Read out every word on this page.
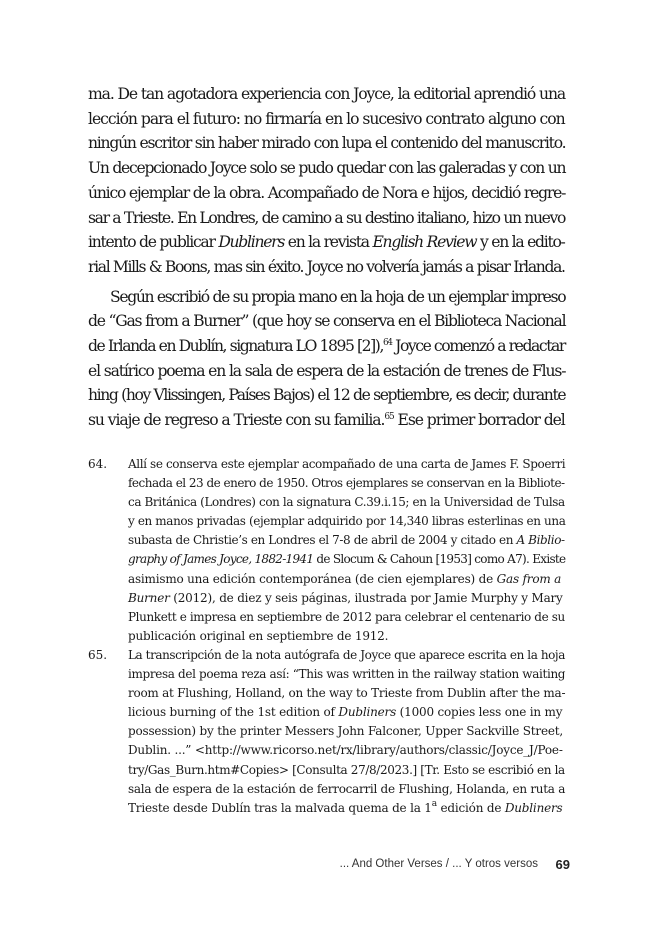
ma. De tan agotadora experiencia con Joyce, la editorial aprendió una
lección para el futuro: no firmaría en lo sucesivo contrato alguno con
ningún escritor sin haber mirado con lupa el contenido del manuscrito.
Un decepcionado Joyce solo se pudo quedar con las galeradas y con un
único ejemplar de la obra. Acompañado de Nora e hijos, decidió regre-
sar a Trieste. En Londres, de camino a su destino italiano, hizo un nuevo
intento de publicar Dubliners en la revista English Review y en la edito-
rial Mills & Boons, mas sin éxito. Joyce no volvería jamás a pisar Irlanda.
Según escribió de su propia mano en la hoja de un ejemplar impreso
de “Gas from a Burner” (que hoy se conserva en el Biblioteca Nacional
de Irlanda en Dublín, signatura LO 1895 [2]),$^{64}$ Joyce comenzó a redactar
el satírico poema en la sala de espera de la estación de trenes de Flus-
hing (hoy Vlissingen, Países Bajos) el 12 de septiembre, es decir, durante
su viaje de regreso a Trieste con su familia.$^{65}$ Ese primer borrador del
64. Allí se conserva este ejemplar acompañado de una carta de James F. Spoerri
fechada el 23 de enero de 1950. Otros ejemplares se conservan en la Bibliote-
ca Británica (Londres) con la signatura C.39.i.15; en la Universidad de Tulsa
y en manos privadas (ejemplar adquirido por 14,340 libras esterlinas en una
subasta de Christie’s en Londres el 7-8 de abril de 2004 y citado en A Biblio-
graphy of James Joyce, 1882-1941 de Slocum & Cahoun [1953] como A7). Existe
asimismo una edición contemporánea (de cien ejemplares) de Gas from a
Burner (2012), de diez y seis páginas, ilustrada por Jamie Murphy y Mary
Plunkett e impresa en septiembre de 2012 para celebrar el centenario de su
publicación original en septiembre de 1912.
65. La transcripción de la nota autógrafa de Joyce que aparece escrita en la hoja
impresa del poema reza así: “This was written in the railway station waiting
room at Flushing, Holland, on the way to Trieste from Dublin after the ma-
licious burning of the 1st edition of Dubliners (1000 copies less one in my
possession) by the printer Messers John Falconer, Upper Sackville Street,
Dublin. ...” <http://www.ricorso.net/rx/library/authors/classic/Joyce_J/Poe-
try/Gas_Burn.htm#Copies> [Consulta 27/8/2023.] [Tr. Esto se escribió en la
sala de espera de la estación de ferrocarril de Flushing, Holanda, en ruta a
Trieste desde Dublín tras la malvada quema de la 1$^a$ edición de Dubliners
... And Other Verses / ... Y otros versos 69
